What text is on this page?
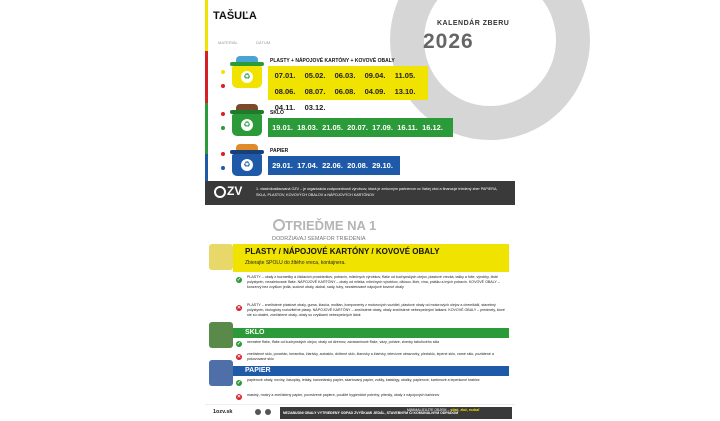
TAŠUĽA
KALENDÁR ZBERU
2026
MATERIÁL	DÁTUM
♻
PLASTY + NÁPOJOVÉ KARTÓNY + KOVOVÉ OBALY
07.01.	05.02.	06.03.	09.04.	11.05.
08.06.	08.07.	06.08.	04.09.	13.10.
04.11.	03.12.
♻
SKLO
19.01. 18.03. 21.05. 20.07. 17.09. 16.11. 16.12.
♻
PAPIER
29.01. 17.04. 22.06. 20.08. 29.10.
ZV	1. vlastníkostlaovaná OZV – je organizácia zodpovednosti výrobcov, ktorá je zmluvným partnerom vo Vašej obci a financuje triedený zber PAPIERA, SKLA, PLASTOV, KOVOVÝCH OBALOV a NÁPOJOVÝCH KARTÓNOV
TRIEĎME NA 1
DODRŽIAVAJ SEMAFOR TRIEDENIA
PLASTY / NÁPOJOVÉ KARTÓNY / KOVOVÉ OBALY
Zbierajte SPOLU do žltého vreca, kontajnera.
✓ PLASTY – obaly z kozmetiky a čistiacich prostriedkov, potravín, mliečnych výrobkov, fľaše od kuchynských olejov, plastové vrecká, tašky a fólie, výrobky, čisté polystyrén, nezaletované fľaše. NÁPOJOVÉ KARTÓNY – obaly od mlieka, mliečnych výrobkov, džúsov, likér, vína, prášku a iných potravín. KOVOVÉ OBALY – konzervy bez zvyškov jedla, sudové obaly, alobal, sady, tuby, nezaletované nápojové kovové obaly
✕ PLASTY – znečistené plastové obaly, guma, žiaoča, molitan, komponenty z motorových vozidiel, plastové obaly od motorových olejov a chemikálií, stavebný polystyrén, biologicky rozložiteľné plasty. NÁPOJOVÉ KARTÓNY – znečistené obaly, obaly znečistené nebezpečnými látkami. KOVOVÉ OBALY – predmety, ktoré nie sú obalmi, znečistené obaly, obaly so zvyškami nebezpečných látok
SKLO
✓ nevratné fľaše, fľaše od kuchynských olejov, obaly od džemov, zaváraninové fľaše, vázy, poháre, zlomky tabuľového skla
✕ znečistené sklo, porcelán, keramika, žiarivky, autosklo, drôtené sklo, žiarovky a žiarivky, televízne obrazovky, plexisklo, lepené sklo, varné sklo, pozlátené a pokovované sklo
PAPIER
✓ papierové obaly, noviny, časopisy, letáky, kancelársky papier, skartovaný papier, zošity, katalógy, obálky, papierové, kartónové a lepenkové krabice
✕ mastný, mokrý a znečistený papier, povrstvené papiere, použité hygienické potreby, plienky, obaly z nápojových kartónov
1ozv.sk	NEZABUDNI OBALY VYTRIEDENÝ ODPAD ZVYŠKAMI JEDÁL, STAVEBNÝM ČI KOMUNÁLNYM ODPADOM
MINIMALIZUJTE OBJEM – stlač, zlož, rozbaľ
